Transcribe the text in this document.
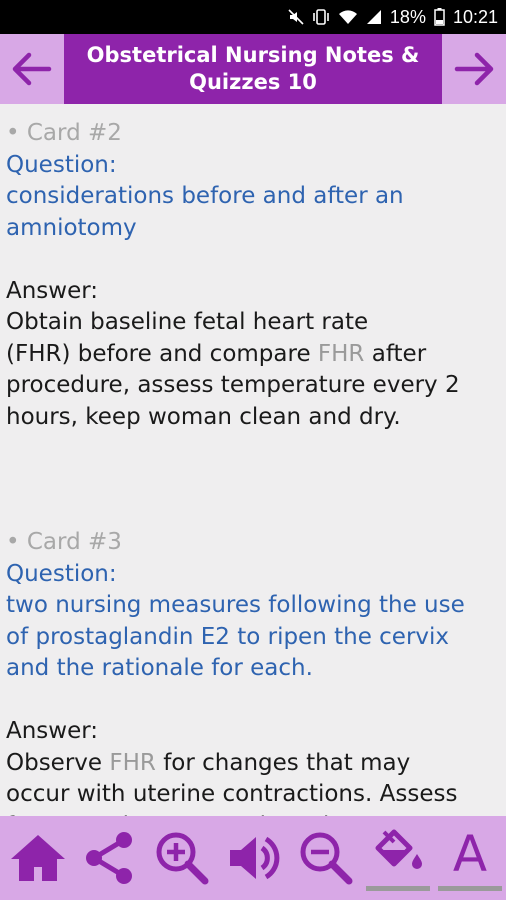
18% 10:21
Obstetrical Nursing Notes & Quizzes 10
• Card #2
Question:
considerations before and after an
amniotomy
Answer:
Obtain baseline fetal heart rate
(FHR) before and compare FHR after
procedure, assess temperature every 2
hours, keep woman clean and dry.
• Card #3
Question:
two nursing measures following the use
of prostaglandin E2 to ripen the cervix
and the rationale for each.
Answer:
Observe FHR for changes that may
occur with uterine contractions. Assess
A
